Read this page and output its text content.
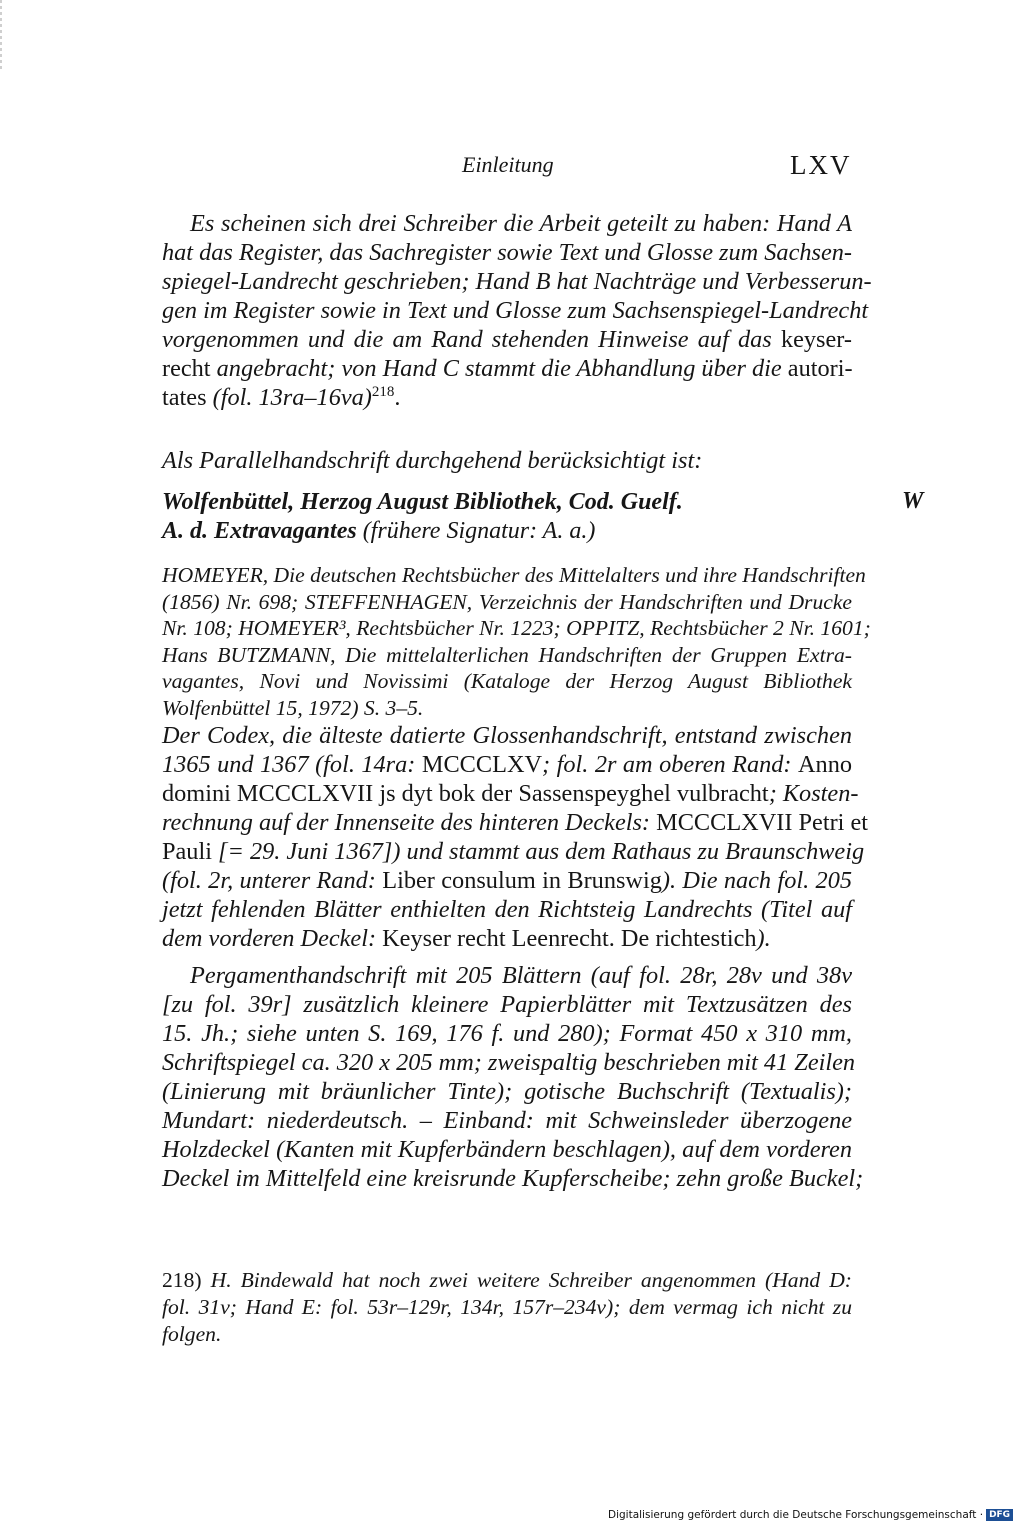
Einleitung	LXV
Es scheinen sich drei Schreiber die Arbeit geteilt zu haben: Hand A
hat das Register, das Sachregister sowie Text und Glosse zum Sachsen-
spiegel-Landrecht geschrieben; Hand B hat Nachträge und Verbesserun-
gen im Register sowie in Text und Glosse zum Sachsenspiegel-Landrecht
vorgenommen und die am Rand stehenden Hinweise auf das keyser-
recht angebracht; von Hand C stammt die Abhandlung über die autori-
tates (fol. 13ra–16va)$^{218}$.
Als Parallelhandschrift durchgehend berücksichtigt ist:
Wolfenbüttel, Herzog August Bibliothek, Cod. Guelf.
A. d. Extravagantes (frühere Signatur: A. a.)
W
HOMEYER, Die deutschen Rechtsbücher des Mittelalters und ihre Handschriften
(1856) Nr. 698; STEFFENHAGEN, Verzeichnis der Handschriften und Drucke
Nr. 108; HOMEYER³, Rechtsbücher Nr. 1223; OPPITZ, Rechtsbücher 2 Nr. 1601;
Hans BUTZMANN, Die mittelalterlichen Handschriften der Gruppen Extra-
vagantes, Novi und Novissimi (Kataloge der Herzog August Bibliothek
Wolfenbüttel 15, 1972) S. 3–5.
Der Codex, die älteste datierte Glossenhandschrift, entstand zwischen
1365 und 1367 (fol. 14ra: MCCCLXV; fol. 2r am oberen Rand: Anno
domini MCCCLXVII js dyt bok der Sassenspeyghel vulbracht; Kosten-
rechnung auf der Innenseite des hinteren Deckels: MCCCLXVII Petri et
Pauli [= 29. Juni 1367]) und stammt aus dem Rathaus zu Braunschweig
(fol. 2r, unterer Rand: Liber consulum in Brunswig). Die nach fol. 205
jetzt fehlenden Blätter enthielten den Richtsteig Landrechts (Titel auf
dem vorderen Deckel: Keyser recht Leenrecht. De richtestich).
Pergamenthandschrift mit 205 Blättern (auf fol. 28r, 28v und 38v
[zu fol. 39r] zusätzlich kleinere Papierblätter mit Textzusätzen des
15. Jh.; siehe unten S. 169, 176 f. und 280); Format 450 x 310 mm,
Schriftspiegel ca. 320 x 205 mm; zweispaltig beschrieben mit 41 Zeilen
(Linierung mit bräunlicher Tinte); gotische Buchschrift (Textualis);
Mundart: niederdeutsch. – Einband: mit Schweinsleder überzogene
Holzdeckel (Kanten mit Kupferbändern beschlagen), auf dem vorderen
Deckel im Mittelfeld eine kreisrunde Kupferscheibe; zehn große Buckel;
218) H. Bindewald hat noch zwei weitere Schreiber angenommen (Hand D:
fol. 31v; Hand E: fol. 53r–129r, 134r, 157r–234v); dem vermag ich nicht zu
folgen.
Digitalisierung gefördert durch die Deutsche Forschungsgemeinschaft · DFG
